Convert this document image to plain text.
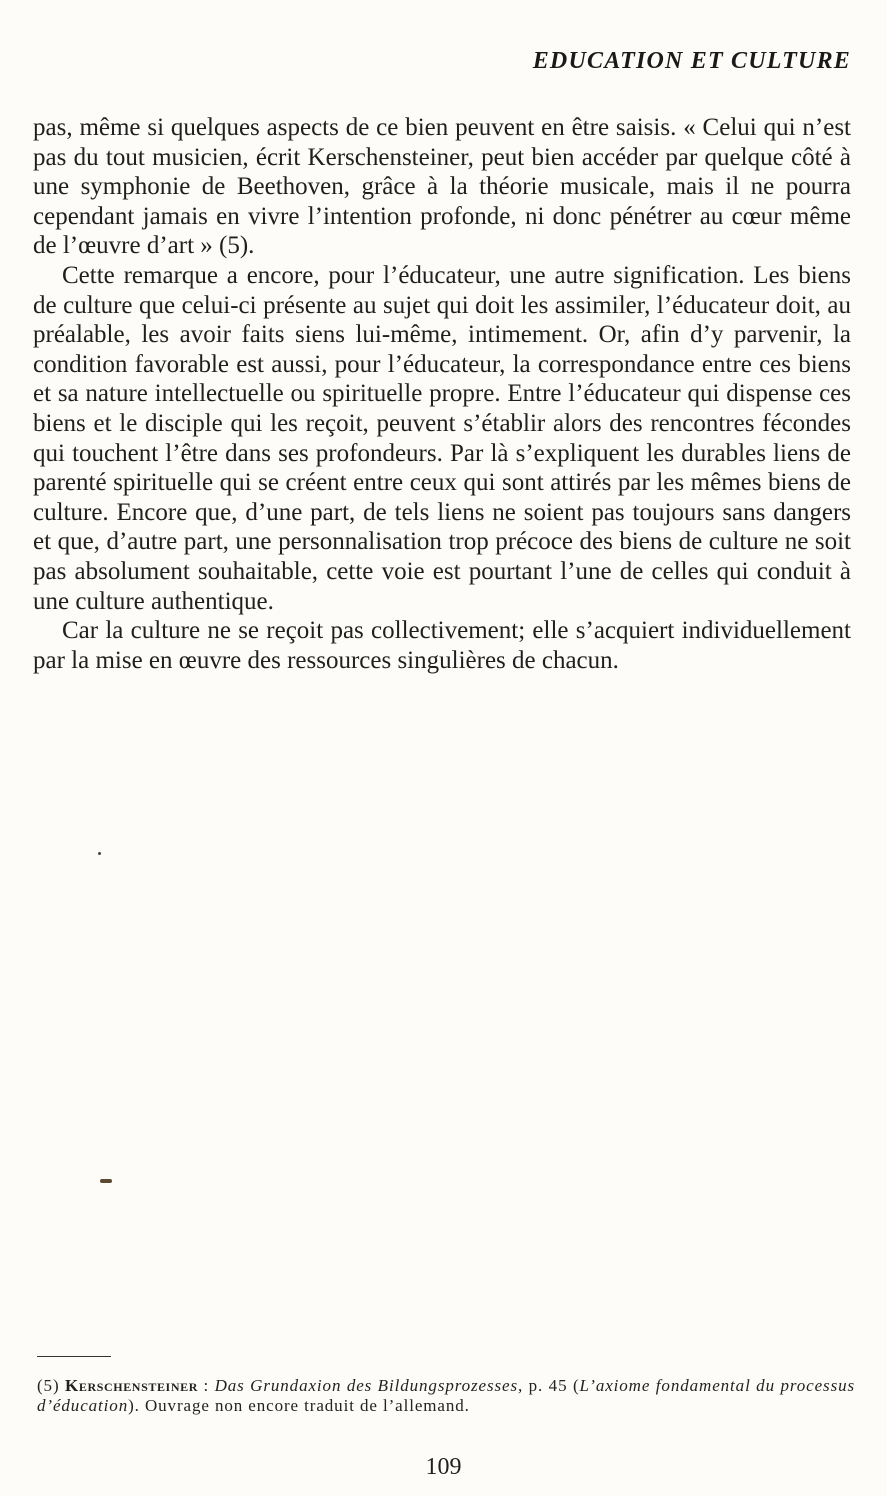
EDUCATION ET CULTURE

pas, même si quelques aspects de ce bien peuvent en être saisis. « Celui qui n’est pas du tout musicien, écrit Kerschensteiner, peut bien accéder par quelque côté à une symphonie de Beethoven, grâce à la théorie musicale, mais il ne pourra cependant jamais en vivre l’intention profonde, ni donc pénétrer au cœur même de l’œuvre d’art » (5).

Cette remarque a encore, pour l’éducateur, une autre signification. Les biens de culture que celui-ci présente au sujet qui doit les assimiler, l’éducateur doit, au préalable, les avoir faits siens lui-même, intimement. Or, afin d’y parvenir, la condition favorable est aussi, pour l’éducateur, la correspondance entre ces biens et sa nature intellectuelle ou spirituelle propre. Entre l’éducateur qui dispense ces biens et le disciple qui les reçoit, peuvent s’établir alors des rencontres fécondes qui touchent l’être dans ses profondeurs. Par là s’expliquent les durables liens de parenté spirituelle qui se créent entre ceux qui sont attirés par les mêmes biens de culture. Encore que, d’une part, de tels liens ne soient pas toujours sans dangers et que, d’autre part, une personnalisation trop précoce des biens de culture ne soit pas absolument souhaitable, cette voie est pourtant l’une de celles qui conduit à une culture authentique.

Car la culture ne se reçoit pas collectivement; elle s’acquiert individuellement par la mise en œuvre des ressources singulières de chacun.

(5) Kerschensteiner : Das Grundaxion des Bildungsprozesses, p. 45 (L’axiome fondamental du processus d’éducation). Ouvrage non encore traduit de l’allemand.
109
